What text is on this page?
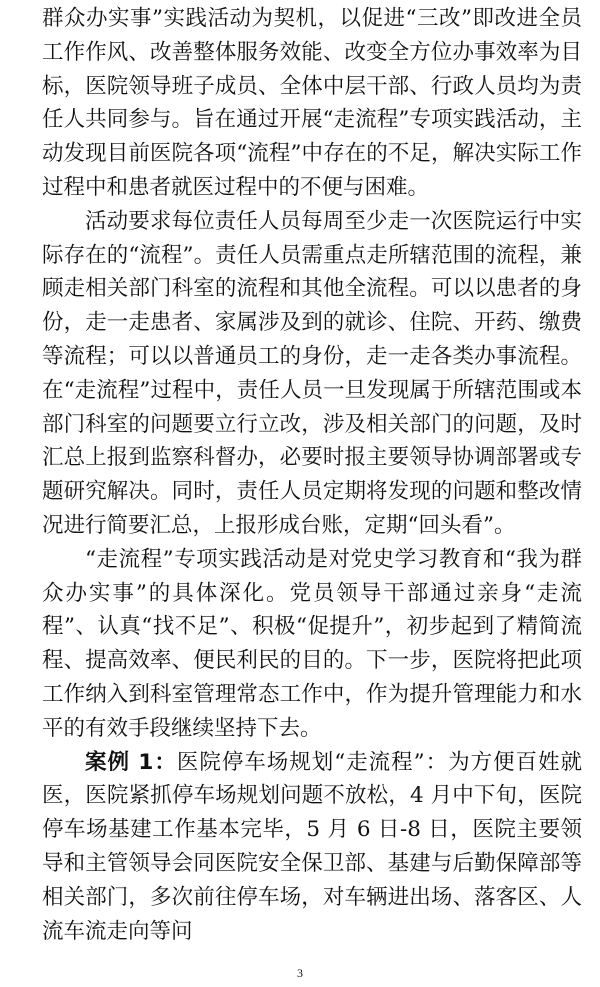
群众办实事”实践活动为契机，以促进“三改”即改进全员工作作风、改善整体服务效能、改变全方位办事效率为目标，医院领导班子成员、全体中层干部、行政人员均为责任人共同参与。旨在通过开展“走流程”专项实践活动，主动发现目前医院各项“流程”中存在的不足，解决实际工作过程中和患者就医过程中的不便与困难。

活动要求每位责任人员每周至少走一次医院运行中实际存在的“流程”。责任人员需重点走所辖范围的流程，兼顾走相关部门科室的流程和其他全流程。可以以患者的身份，走一走患者、家属涉及到的就诊、住院、开药、缴费等流程；可以以普通员工的身份，走一走各类办事流程。在“走流程”过程中，责任人员一旦发现属于所辖范围或本部门科室的问题要立行立改，涉及相关部门的问题，及时汇总上报到监察科督办，必要时报主要领导协调部署或专题研究解决。同时，责任人员定期将发现的问题和整改情况进行简要汇总，上报形成台账，定期“回头看”。

“走流程”专项实践活动是对党史学习教育和“我为群众办实事”的具体深化。党员领导干部通过亲身“走流程”、认真“找不足”、积极“促提升”，初步起到了精简流程、提高效率、便民利民的目的。下一步，医院将把此项工作纳入到科室管理常态工作中，作为提升管理能力和水平的有效手段继续坚持下去。

案例 1：医院停车场规划“走流程”：为方便百姓就医，医院紧抓停车场规划问题不放松，4 月中下旬，医院停车场基建工作基本完毕，5 月 6 日-8 日，医院主要领导和主管领导会同医院安全保卫部、基建与后勤保障部等相关部门，多次前往停车场，对车辆进出场、落客区、人流车流走向等问

3
